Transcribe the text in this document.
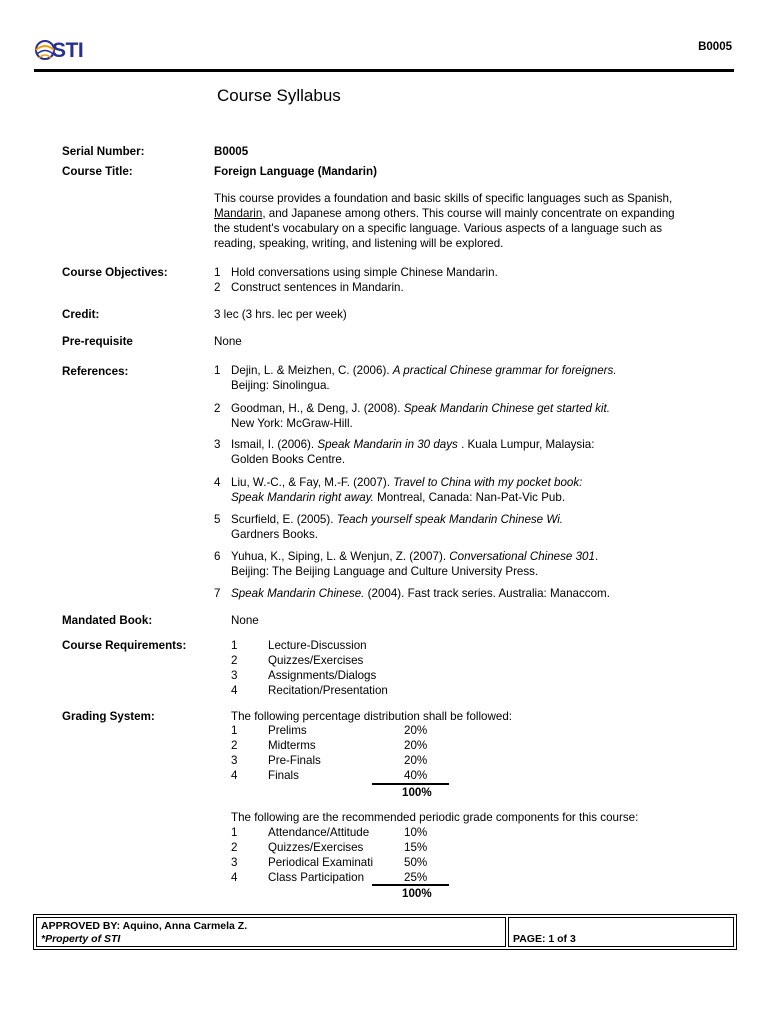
STI	B0005
Course Syllabus
Serial Number:	B0005
Course Title:	Foreign Language (Mandarin)
This course provides a foundation and basic skills of specific languages such as Spanish,
Mandarin, and Japanese among others. This course will mainly concentrate on expanding
the student's vocabulary on a specific language. Various aspects of a language such as
reading, speaking, writing, and listening will be explored.
Course Objectives:	1 Hold conversations using simple Chinese Mandarin.
2 Construct sentences in Mandarin.
Credit:	3 lec (3 hrs. lec per week)
Pre-requisite	None
References:	1 Dejin, L. & Meizhen, C. (2006). A practical Chinese grammar for foreigners.
Beijing: Sinolingua.
2 Goodman, H., & Deng, J. (2008). Speak Mandarin Chinese get started kit.
New York: McGraw-Hill.
3 Ismail, I. (2006). Speak Mandarin in 30 days . Kuala Lumpur, Malaysia:
Golden Books Centre.
4 Liu, W.-C., & Fay, M.-F. (2007). Travel to China with my pocket book:
Speak Mandarin right away. Montreal, Canada: Nan-Pat-Vic Pub.
5 Scurfield, E. (2005). Teach yourself speak Mandarin Chinese Wi.
Gardners Books.
6 Yuhua, K., Siping, L. & Wenjun, Z. (2007). Conversational Chinese 301.
Beijing: The Beijing Language and Culture University Press.
7 Speak Mandarin Chinese. (2004). Fast track series. Australia: Manaccom.
Mandated Book:	None
Course Requirements:	1	Lecture-Discussion
2	Quizzes/Exercises
3	Assignments/Dialogs
4	Recitation/Presentation
Grading System:	The following percentage distribution shall be followed:
1	Prelims	20%
2	Midterms	20%
3	Pre-Finals	20%
4	Finals	40%
100%
The following are the recommended periodic grade components for this course:
1	Attendance/Attitude	10%
2	Quizzes/Exercises	15%
3	Periodical Examinati	50%
4	Class Participation	25%
100%
APPROVED BY: Aquino, Anna Carmela Z.
*Property of STI	PAGE: 1 of 3
